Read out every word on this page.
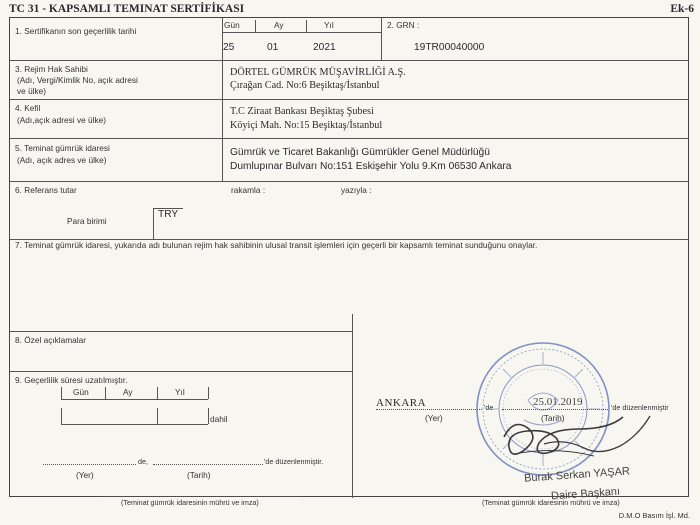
TC 31 - KAPSAMLI TEMINAT SERTİFİKASI	Ek-6
1. Sertifikanın son geçerlilik tarihi
Gün	Ay	Yıl
25	01	2021
2. GRN :
19TR00040000
3. Rejim Hak Sahibi
(Adı, Vergi/Kimlik No, açık adresi
ve ülke)
DÖRTEL GÜMRÜK MÜŞAVİRLİĞİ A.Ş.
Çırağan Cad. No:6 Beşiktaş/İstanbul
4. Kefil
(Adı,açık adresi ve ülke)
T.C Ziraat Bankası Beşiktaş Şubesi
Köyiçi Mah. No:15 Beşiktaş/İstanbul
5. Teminat gümrük idaresi
(Adı, açık adres ve ülke)
Gümrük ve Ticaret Bakanlığı Gümrükler Genel Müdürlüğü
Dumlupınar Bulvarı No:151 Eskişehir Yolu 9.Km 06530 Ankara
6. Referans tutar	rakamla :	yazıyla :
Para birimi
TRY
7. Teminat gümrük idaresi, yukarıda adı bulunan rejim hak sahibinin ulusal transit işlemleri için geçerli bir kapsamlı teminat sunduğunu onaylar.
8. Özel açıklamalar
9. Geçerlilik süresi uzatılmıştır.
Gün	Ay	Yıl
dahil
de,	'de düzenlenmiştir.
(Yer)	(Tarih)
(Teminat gümrük idaresinin mührü ve imza)
ANKARA	'de	25.01.2019	'de düzenlenmiştir
(Yer)	(Tarih)
(Teminat gümrük idaresinin mührü ve imza)
Burak Serkan YAŞAR
Daire Başkanı
D.M.O Basım İşl. Md.
